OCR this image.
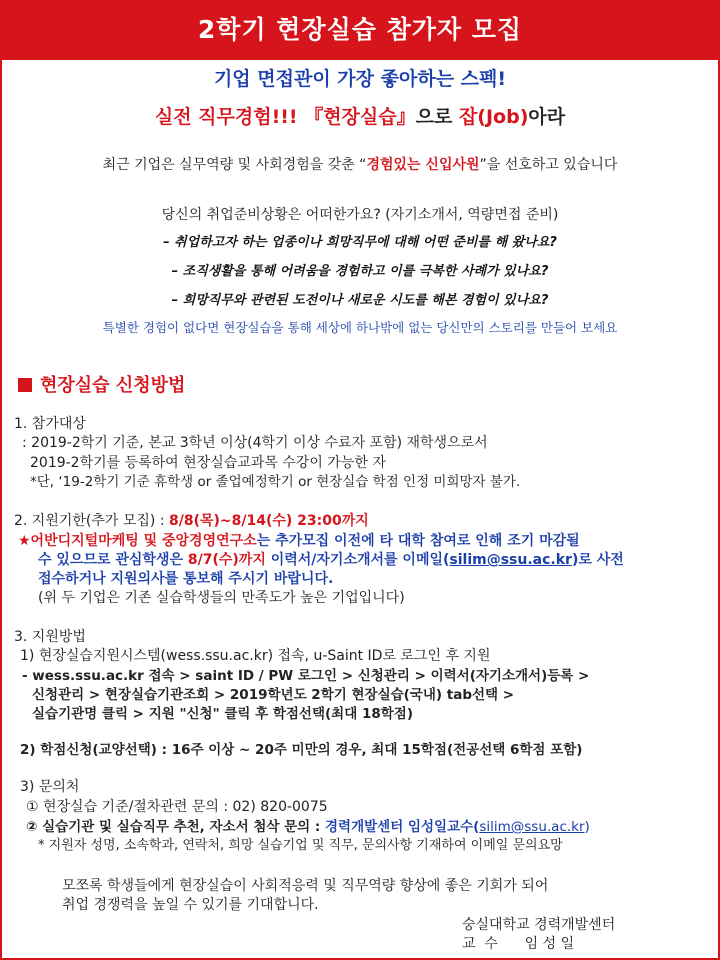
2학기 현장실습 참가자 모집
기업 면접관이 가장 좋아하는 스펙!
실전 직무경험!!! 『현장실습』으로 잡(Job)아라
최근 기업은 실무역량 및 사회경험을 갖춘 “경험있는 신입사원”을 선호하고 있습니다
당신의 취업준비상황은 어떠한가요? (자기소개서, 역량면접 준비)
– 취업하고자 하는 업종이나 희망직무에 대해 어떤 준비를 해 왔나요?
– 조직생활을 통해 어려움을 경험하고 이를 극복한 사례가 있나요?
– 희망직무와 관련된 도전이나 새로운 시도를 해본 경험이 있나요?
특별한 경험이 없다면 현장실습을 통해 세상에 하나밖에 없는 당신만의 스토리를 만들어 보세요
현장실습 신청방법
1. 참가대상
: 2019-2학기 기준, 본교 3학년 이상(4학기 이상 수료자 포함) 재학생으로서
2019-2학기를 등록하여 현장실습교과목 수강이 가능한 자
*단, ‘19-2학기 기준 휴학생 or 졸업예정학기 or 현장실습 학점 인정 미희망자 불가.
2. 지원기한(추가 모집) : 8/8(목)~8/14(수) 23:00까지
★어반디지털마케팅 및 중앙경영연구소는 추가모집 이전에 타 대학 참여로 인해 조기 마감될
수 있으므로 관심학생은 8/7(수)까지 이력서/자기소개서를 이메일(silim@ssu.ac.kr)로 사전
접수하거나 지원의사를 통보해 주시기 바랍니다.
(위 두 기업은 기존 실습학생들의 만족도가 높은 기업입니다)
3. 지원방법
1) 현장실습지원시스템(wess.ssu.ac.kr) 접속, u-Saint ID로 로그인 후 지원
- wess.ssu.ac.kr 접속 > saint ID / PW 로그인 > 신청관리 > 이력서(자기소개서)등록 >
신청관리 > 현장실습기관조회 > 2019학년도 2학기 현장실습(국내) tab선택 >
실습기관명 클릭 > 지원 "신청" 클릭 후 학점선택(최대 18학점)
2) 학점신청(교양선택) : 16주 이상 ~ 20주 미만의 경우, 최대 15학점(전공선택 6학점 포함)
3) 문의처
① 현장실습 기준/절차관련 문의 : 02) 820-0075
② 실습기관 및 실습직무 추천, 자소서 첨삭 문의 : 경력개발센터 임성일교수(silim@ssu.ac.kr)
* 지원자 성명, 소속학과, 연락처, 희망 실습기업 및 직무, 문의사항 기재하여 이메일 문의요망
모쪼록 학생들에게 현장실습이 사회적응력 및 직무역량 향상에 좋은 기회가 되어
취업 경쟁력을 높일 수 있기를 기대합니다.
숭실대학교 경력개발센터
교  수      임 성 일
